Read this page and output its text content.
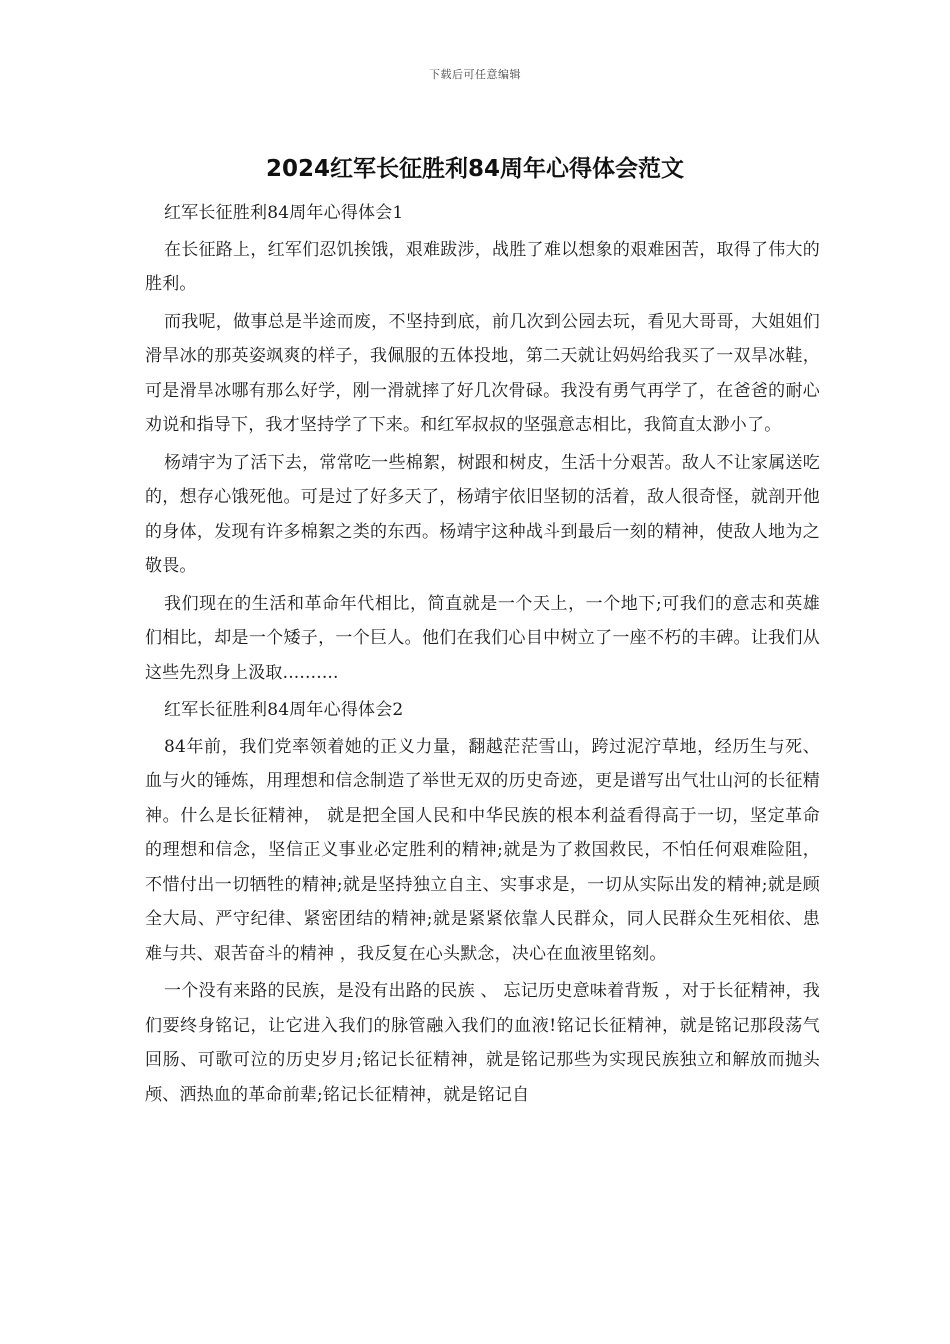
下载后可任意编辑
2024红军长征胜利84周年心得体会范文

红军长征胜利84周年心得体会1

在长征路上，红军们忍饥挨饿，艰难跋涉，战胜了难以想象的艰难困苦，取得了伟大的胜利。

而我呢，做事总是半途而废，不坚持到底，前几次到公园去玩，看见大哥哥，大姐姐们滑旱冰的那英姿飒爽的样子，我佩服的五体投地，第二天就让妈妈给我买了一双旱冰鞋，可是滑旱冰哪有那么好学，刚一滑就摔了好几次骨碌。我没有勇气再学了，在爸爸的耐心劝说和指导下，我才坚持学了下来。和红军叔叔的坚强意志相比，我简直太渺小了。

杨靖宇为了活下去，常常吃一些棉絮，树跟和树皮，生活十分艰苦。敌人不让家属送吃的，想存心饿死他。可是过了好多天了，杨靖宇依旧坚韧的活着，敌人很奇怪，就剖开他的身体，发现有许多棉絮之类的东西。杨靖宇这种战斗到最后一刻的精神，使敌人地为之敬畏。

我们现在的生活和革命年代相比，简直就是一个天上，一个地下;可我们的意志和英雄们相比，却是一个矮子，一个巨人。他们在我们心目中树立了一座不朽的丰碑。让我们从这些先烈身上汲取..........

红军长征胜利84周年心得体会2

84年前，我们党率领着她的正义力量，翻越茫茫雪山，跨过泥泞草地，经历生与死、血与火的锤炼，用理想和信念制造了举世无双的历史奇迹，更是谱写出气壮山河的长征精神。什么是长征精神， 就是把全国人民和中华民族的根本利益看得高于一切，坚定革命的理想和信念，坚信正义事业必定胜利的精神;就是为了救国救民，不怕任何艰难险阻，不惜付出一切牺牲的精神;就是坚持独立自主、实事求是，一切从实际出发的精神;就是顾全大局、严守纪律、紧密团结的精神;就是紧紧依靠人民群众，同人民群众生死相依、患难与共、艰苦奋斗的精神 ，我反复在心头默念，决心在血液里铭刻。

一个没有来路的民族，是没有出路的民族 、 忘记历史意味着背叛 ，对于长征精神，我们要终身铭记，让它进入我们的脉管融入我们的血液!铭记长征精神，就是铭记那段荡气回肠、可歌可泣的历史岁月;铭记长征精神，就是铭记那些为实现民族独立和解放而抛头颅、洒热血的革命前辈;铭记长征精神，就是铭记自
